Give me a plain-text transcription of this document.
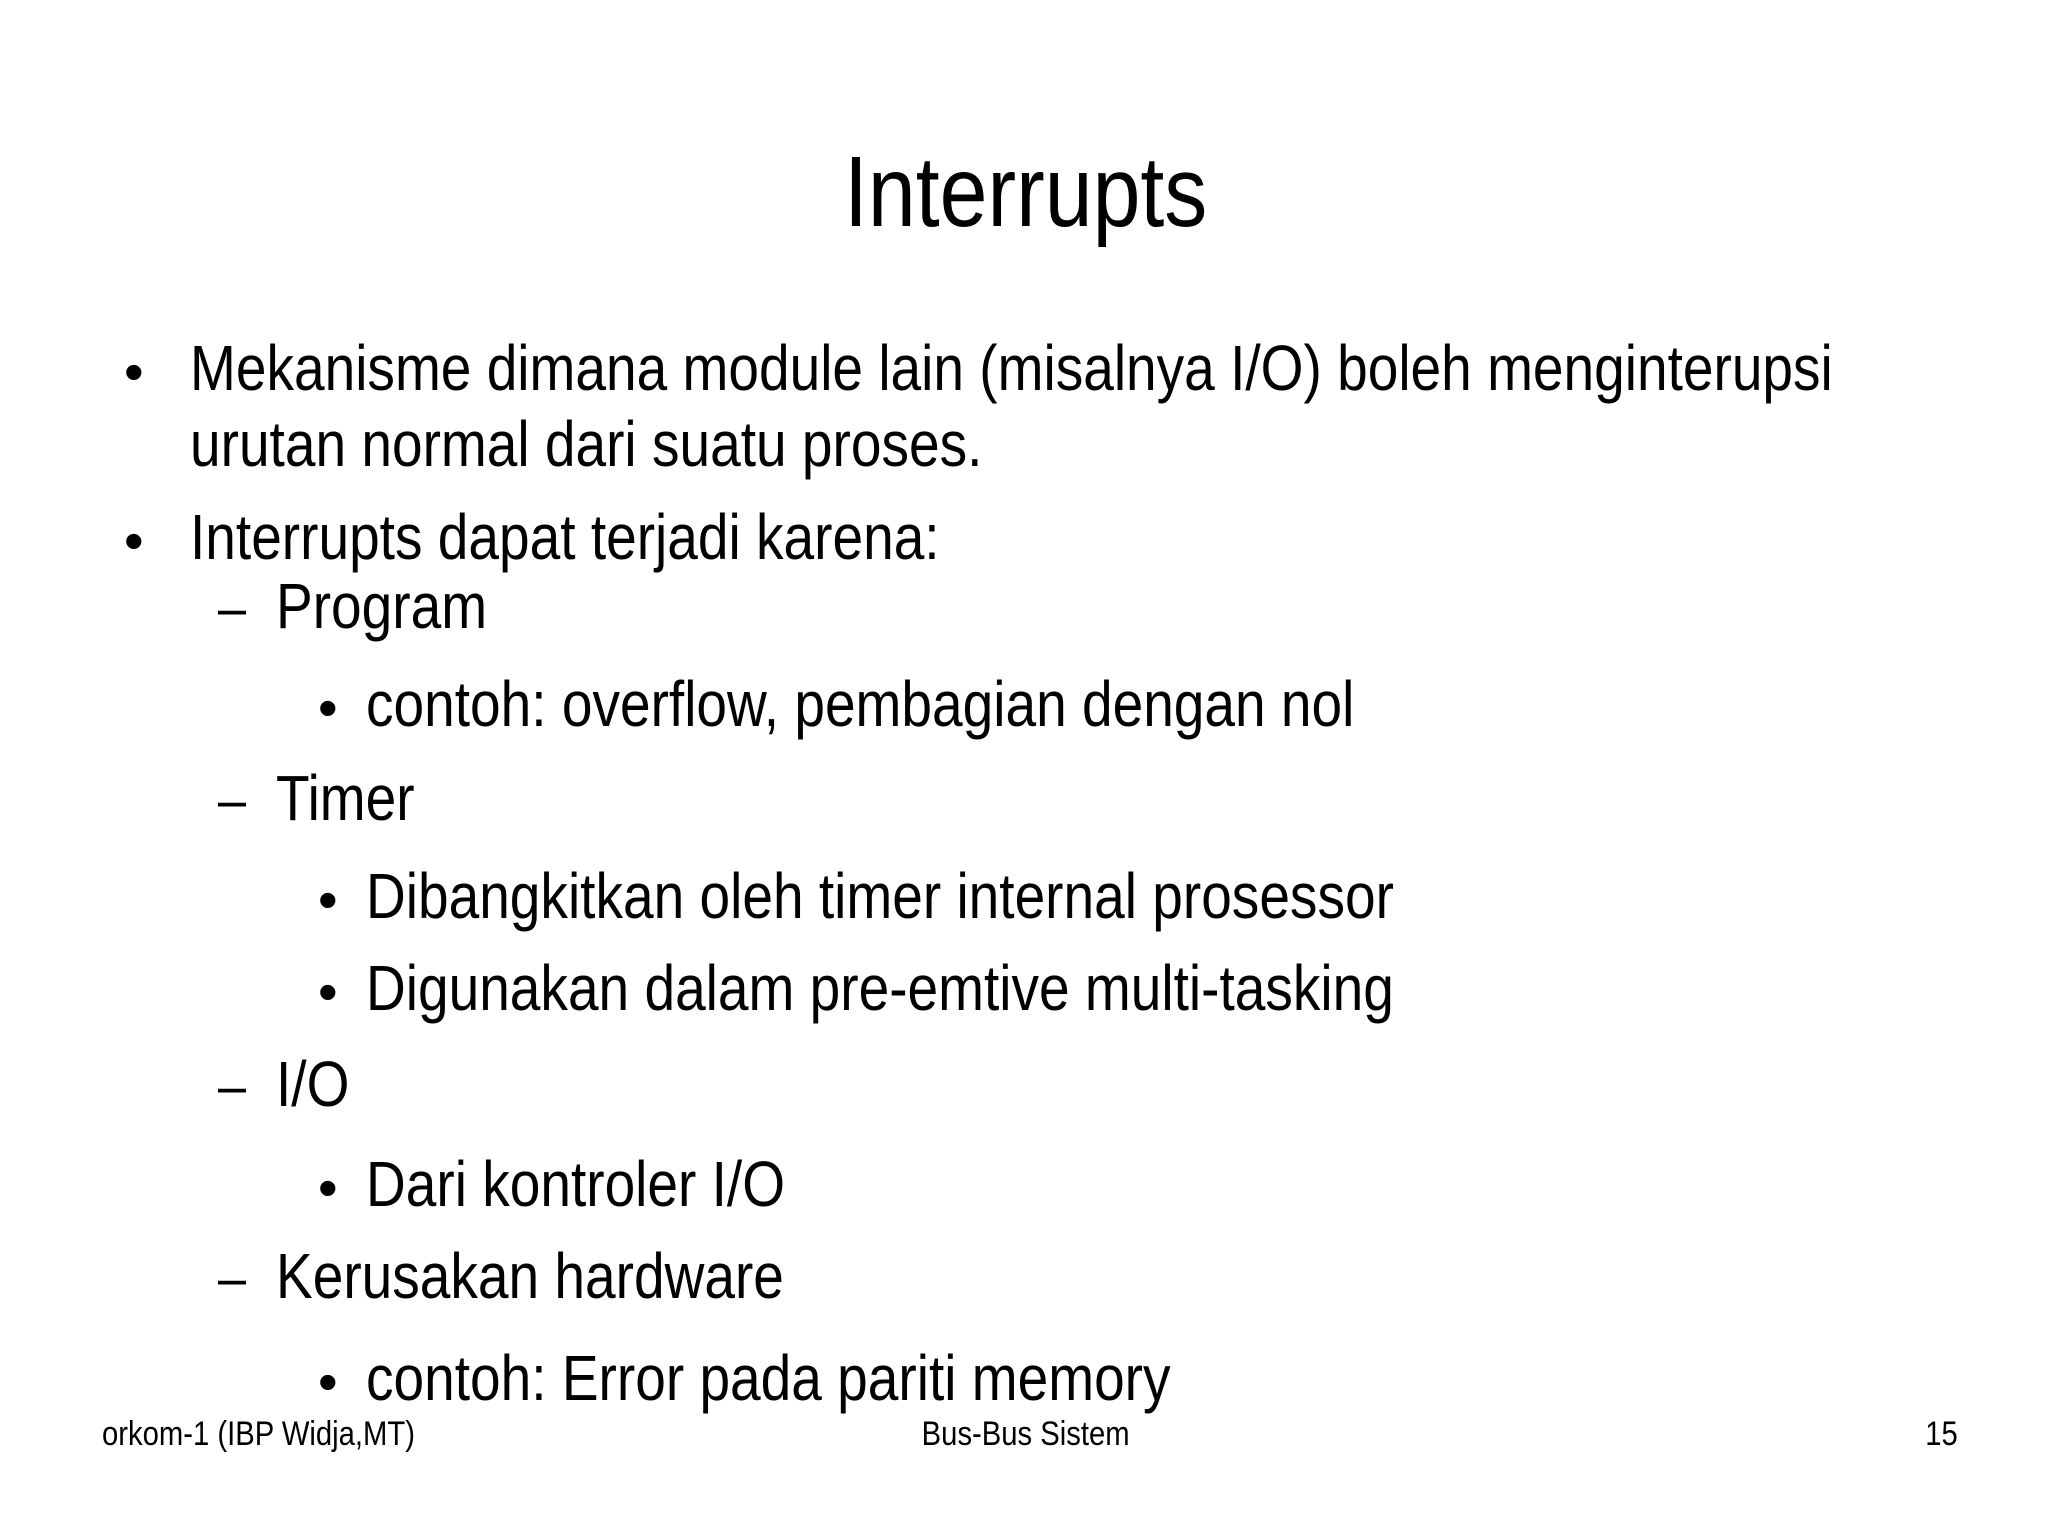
Interrupts
• Mekanisme dimana module lain (misalnya I/O) boleh menginterupsi
urutan normal dari suatu proses.
• Interrupts dapat terjadi karena:
– Program
• contoh: overflow, pembagian dengan nol
– Timer
• Dibangkitkan oleh timer internal prosessor
• Digunakan dalam pre-emtive multi-tasking
– I/O
• Dari kontroler I/O
– Kerusakan hardware
• contoh: Error pada pariti memory
orkom-1 (IBP Widja,MT)	Bus-Bus Sistem	15
